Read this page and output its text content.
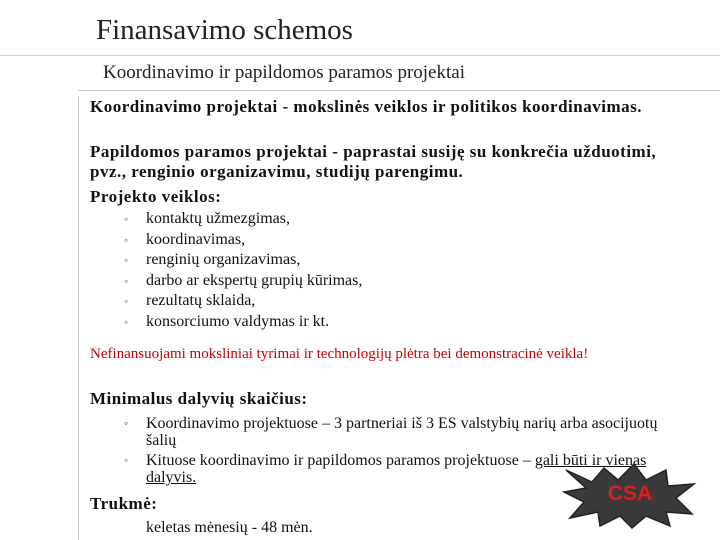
Finansavimo schemos
Koordinavimo ir papildomos paramos projektai
Koordinavimo projektai - mokslinės veiklos ir politikos koordinavimas.
Papildomos paramos projektai - paprastai susiję su konkrečia užduotimi, pvz., renginio organizavimu, studijų parengimu.
Projekto veiklos:
◦ kontaktų užmezgimas,
◦ koordinavimas,
◦ renginių organizavimas,
◦ darbo ar ekspertų grupių kūrimas,
◦ rezultatų sklaida,
◦ konsorciumo valdymas ir kt.
Nefinansuojami moksliniai tyrimai ir technologijų plėtra bei demonstracinė veikla!
Minimalus dalyvių skaičius:
◦ Koordinavimo projektuose – 3 partneriai iš 3 ES valstybių narių arba asocijuotų šalių
◦ Kituose koordinavimo ir papildomos paramos projektuose – gali būti ir vienas dalyvis.
Trukmė:
keletas mėnesių - 48 mėn.
CSA
